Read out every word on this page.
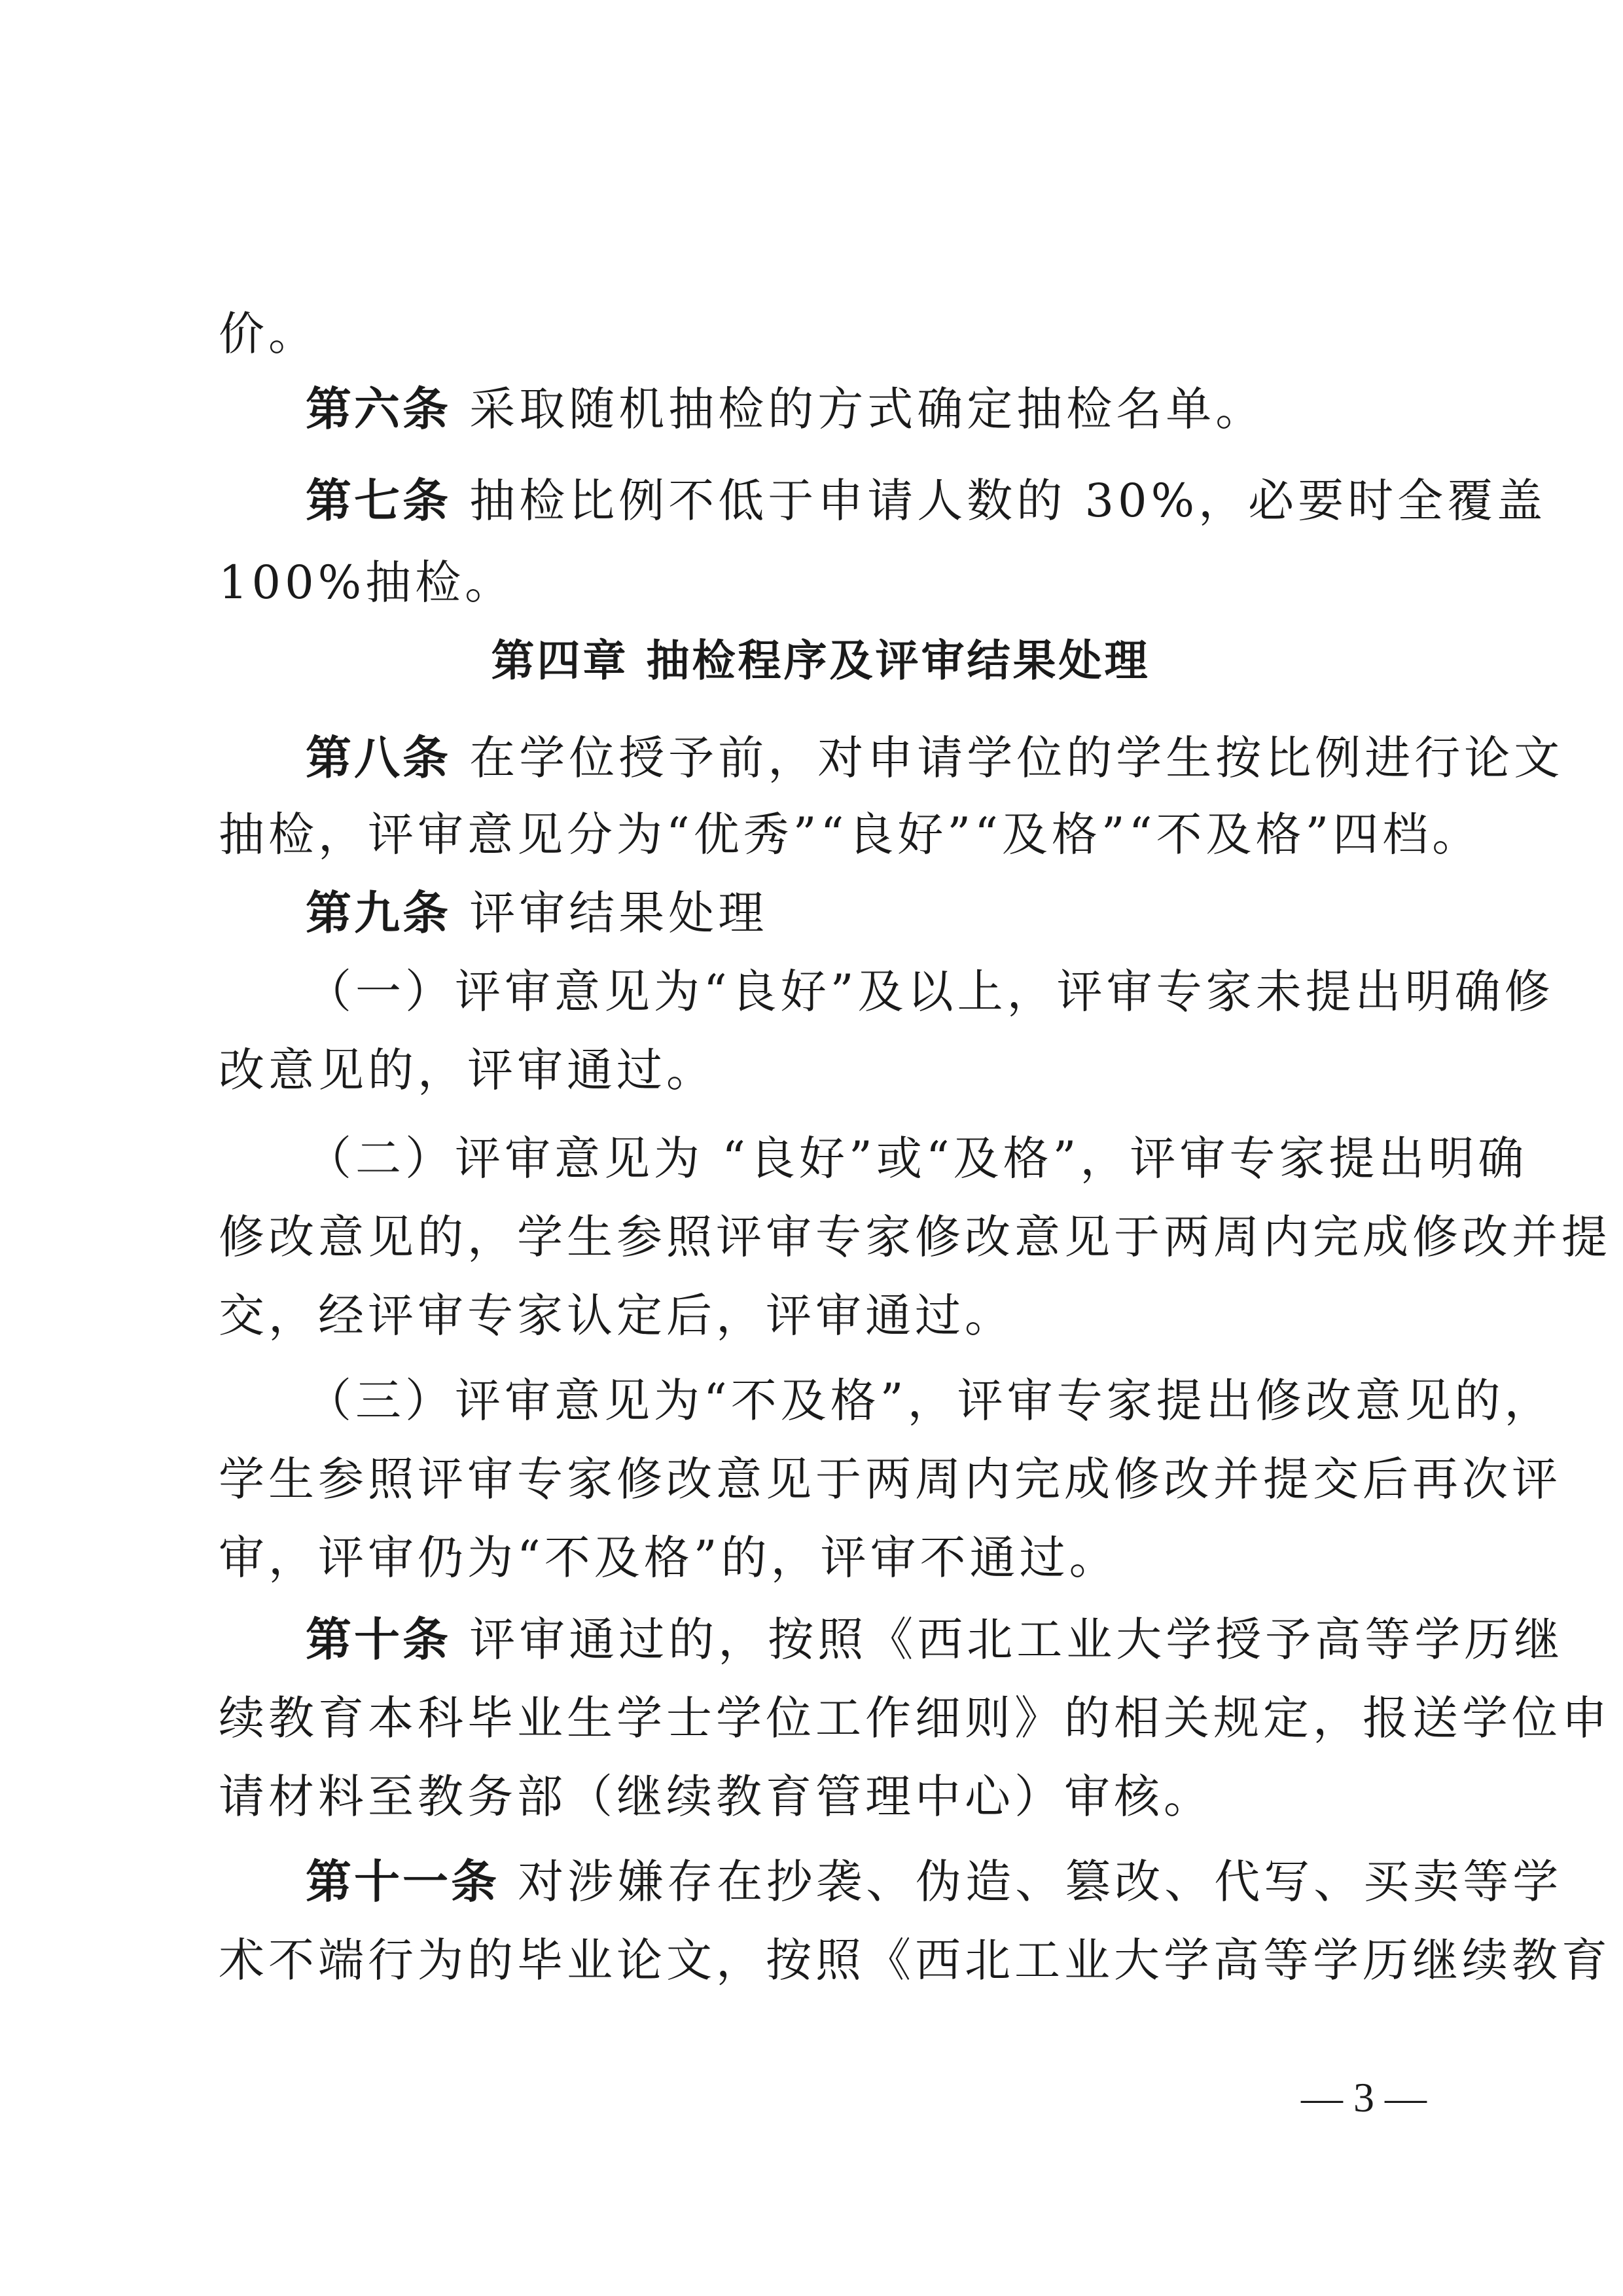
价。
第六条 采取随机抽检的方式确定抽检名单。
第七条 抽检比例不低于申请人数的 30%，必要时全覆盖
100%抽检。
第四章 抽检程序及评审结果处理
第八条 在学位授予前，对申请学位的学生按比例进行论文
抽检，评审意见分为“优秀”“良好”“及格”“不及格”四档。
第九条 评审结果处理
（一）评审意见为“良好”及以上，评审专家未提出明确修
改意见的，评审通过。
（二）评审意见为 “良好”或“及格”，评审专家提出明确
修改意见的，学生参照评审专家修改意见于两周内完成修改并提
交，经评审专家认定后，评审通过。
（三）评审意见为“不及格”，评审专家提出修改意见的，
学生参照评审专家修改意见于两周内完成修改并提交后再次评
审，评审仍为“不及格”的，评审不通过。
第十条 评审通过的，按照《西北工业大学授予高等学历继
续教育本科毕业生学士学位工作细则》的相关规定，报送学位申
请材料至教务部（继续教育管理中心）审核。
第十一条 对涉嫌存在抄袭、伪造、篡改、代写、买卖等学
术不端行为的毕业论文，按照《西北工业大学高等学历继续教育
— 3 —
